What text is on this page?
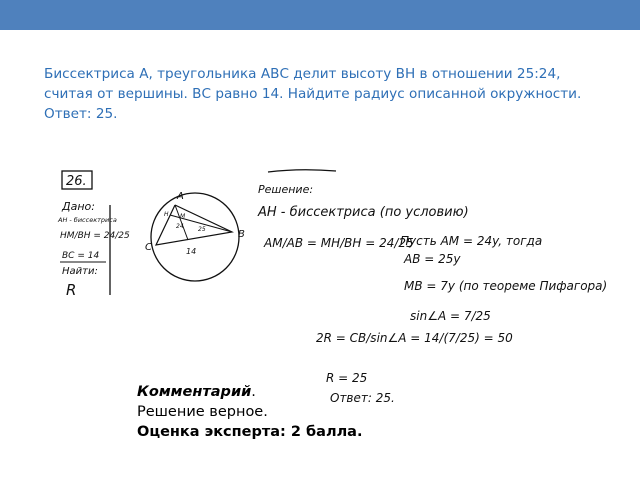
Биссектриса А, треугольника АВС делит высоту ВН в отношении 25:24,
считая от вершины. ВС равно 14. Найдите радиус описанной окружности.
Ответ: 25.
26.
Дано:
AH - биссектриса
HM/BH = 24/25
BC = 14
Найти:
R
A
B
C
H M
14
24 25
Решение:
AH - биссектриса (по условию)
AM/AB = MH/BH = 24/25
Пусть AM = 24y, тогда
AB = 25y
MB = 7y (по теореме Пифагора)
sin∠A = 7/25
2R = CB/sin∠A = 14/(7/25) = 50
R = 25
Ответ: 25.
Комментарий.
Решение верное.
Оценка эксперта: 2 балла.
